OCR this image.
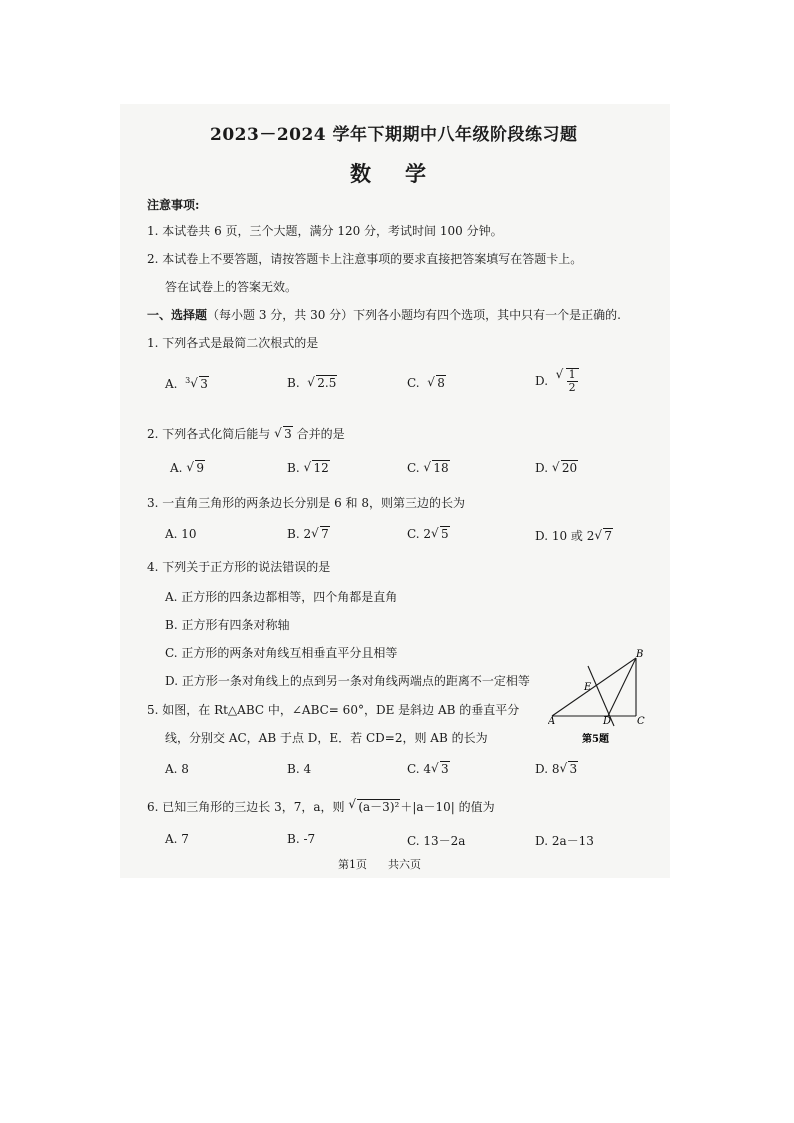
2023－2024 学年下期期中八年级阶段练习题
数学
注意事项:
1. 本试卷共 6 页，三个大题，满分 120 分，考试时间 100 分钟。
2. 本试卷上不要答题，请按答题卡上注意事项的要求直接把答案填写在答题卡上。
答在试卷上的答案无效。
一、选择题（每小题 3 分，共 30 分）下列各小题均有四个选项，其中只有一个是正确的.
1. 下列各式是最简二次根式的是
A. $^3$ √ 3	B. √ 2.5	C. √ 8	D. √ $\frac{1}{2}$
2. 下列各式化简后能与 √ 3 合并的是
A. √ 9	B. √ 12	C. √ 18	D. √ 20
3. 一直角三角形的两条边长分别是 6 和 8，则第三边的长为
A. 10	B. 2 √ 7	C. 2 √ 5	D. 10 或 2 √ 7
4. 下列关于正方形的说法错误的是
A. 正方形的四条边都相等，四个角都是直角
B. 正方形有四条对称轴
C. 正方形的两条对角线互相垂直平分且相等
D. 正方形一条对角线上的点到另一条对角线两端点的距离不一定相等
5. 如图，在 Rt△ABC 中，∠ABC= 60°，DE 是斜边 AB 的垂直平分
线，分别交 AC，AB 于点 D，E．若 CD=2，则 AB 的长为
A. 8	B. 4	C. 4 √ 3	D. 8 √ 3
A
B
C
D
E
第5题
6. 已知三角形的三边长 3，7，a，则 √ (a－3)²＋|a－10| 的值为
A. 7	B. -7	C. 13－2a	D. 2a－13
第1页 共六页
